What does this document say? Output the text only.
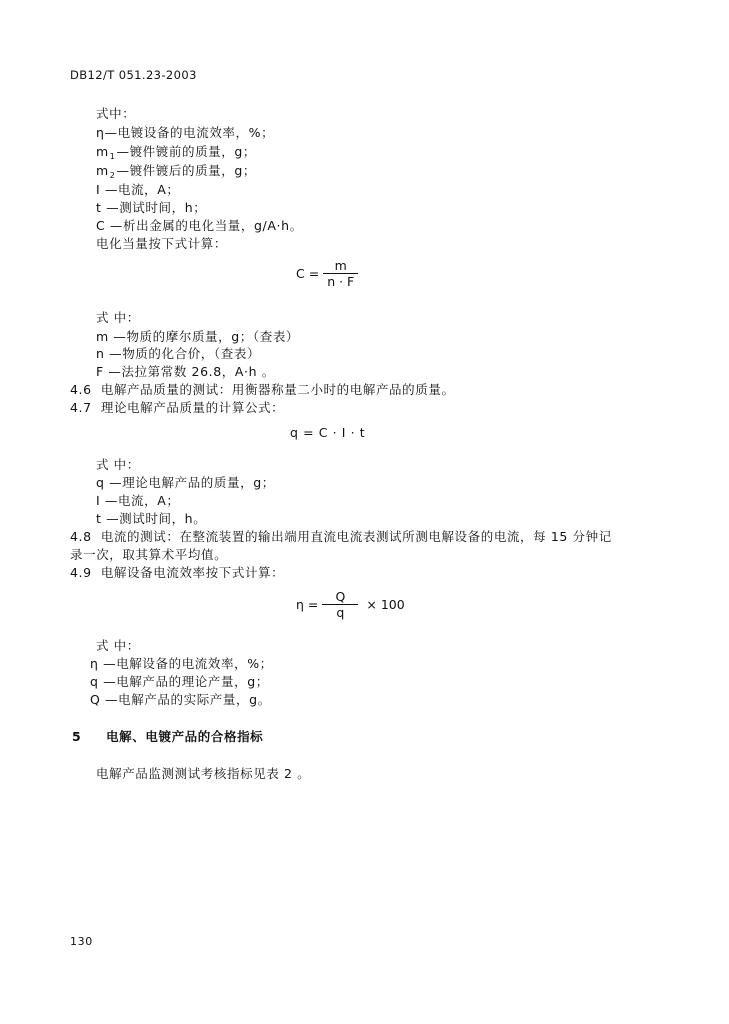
DB12/T 051.23-2003
式中：
η—电镀设备的电流效率，%；
$m_1—$镀件镀前的质量，g；
$m_2—$镀件镀后的质量，g；
I —电流，A；
t —测试时间，h；
C —析出金属的电化当量，g/A·h。
电化当量按下式计算：
$C = \frac{m}{n \cdot F}$
式 中：
m —物质的摩尔质量，g；（查表）
n —物质的化合价，（查表）
F —法拉第常数 26.8，A·h 。
4.6 电解产品质量的测试：用衡器称量二小时的电解产品的质量。
4.7 理论电解产品质量的计算公式：
q = C · I · t
式 中：
q —理论电解产品的质量，g；
I —电流，A；
t —测试时间，h。
4.8 电流的测试：在整流装置的输出端用直流电流表测试所测电解设备的电流，每 15 分钟记
录一次，取其算术平均值。
4.9 电解设备电流效率按下式计算：
$\eta = \frac{Q}{q} \times 100$
式 中：
η —电解设备的电流效率，%；
q —电解产品的理论产量，g；
Q —电解产品的实际产量，g。
5 电解、电镀产品的合格指标
电解产品监测测试考核指标见表 2 。
130
